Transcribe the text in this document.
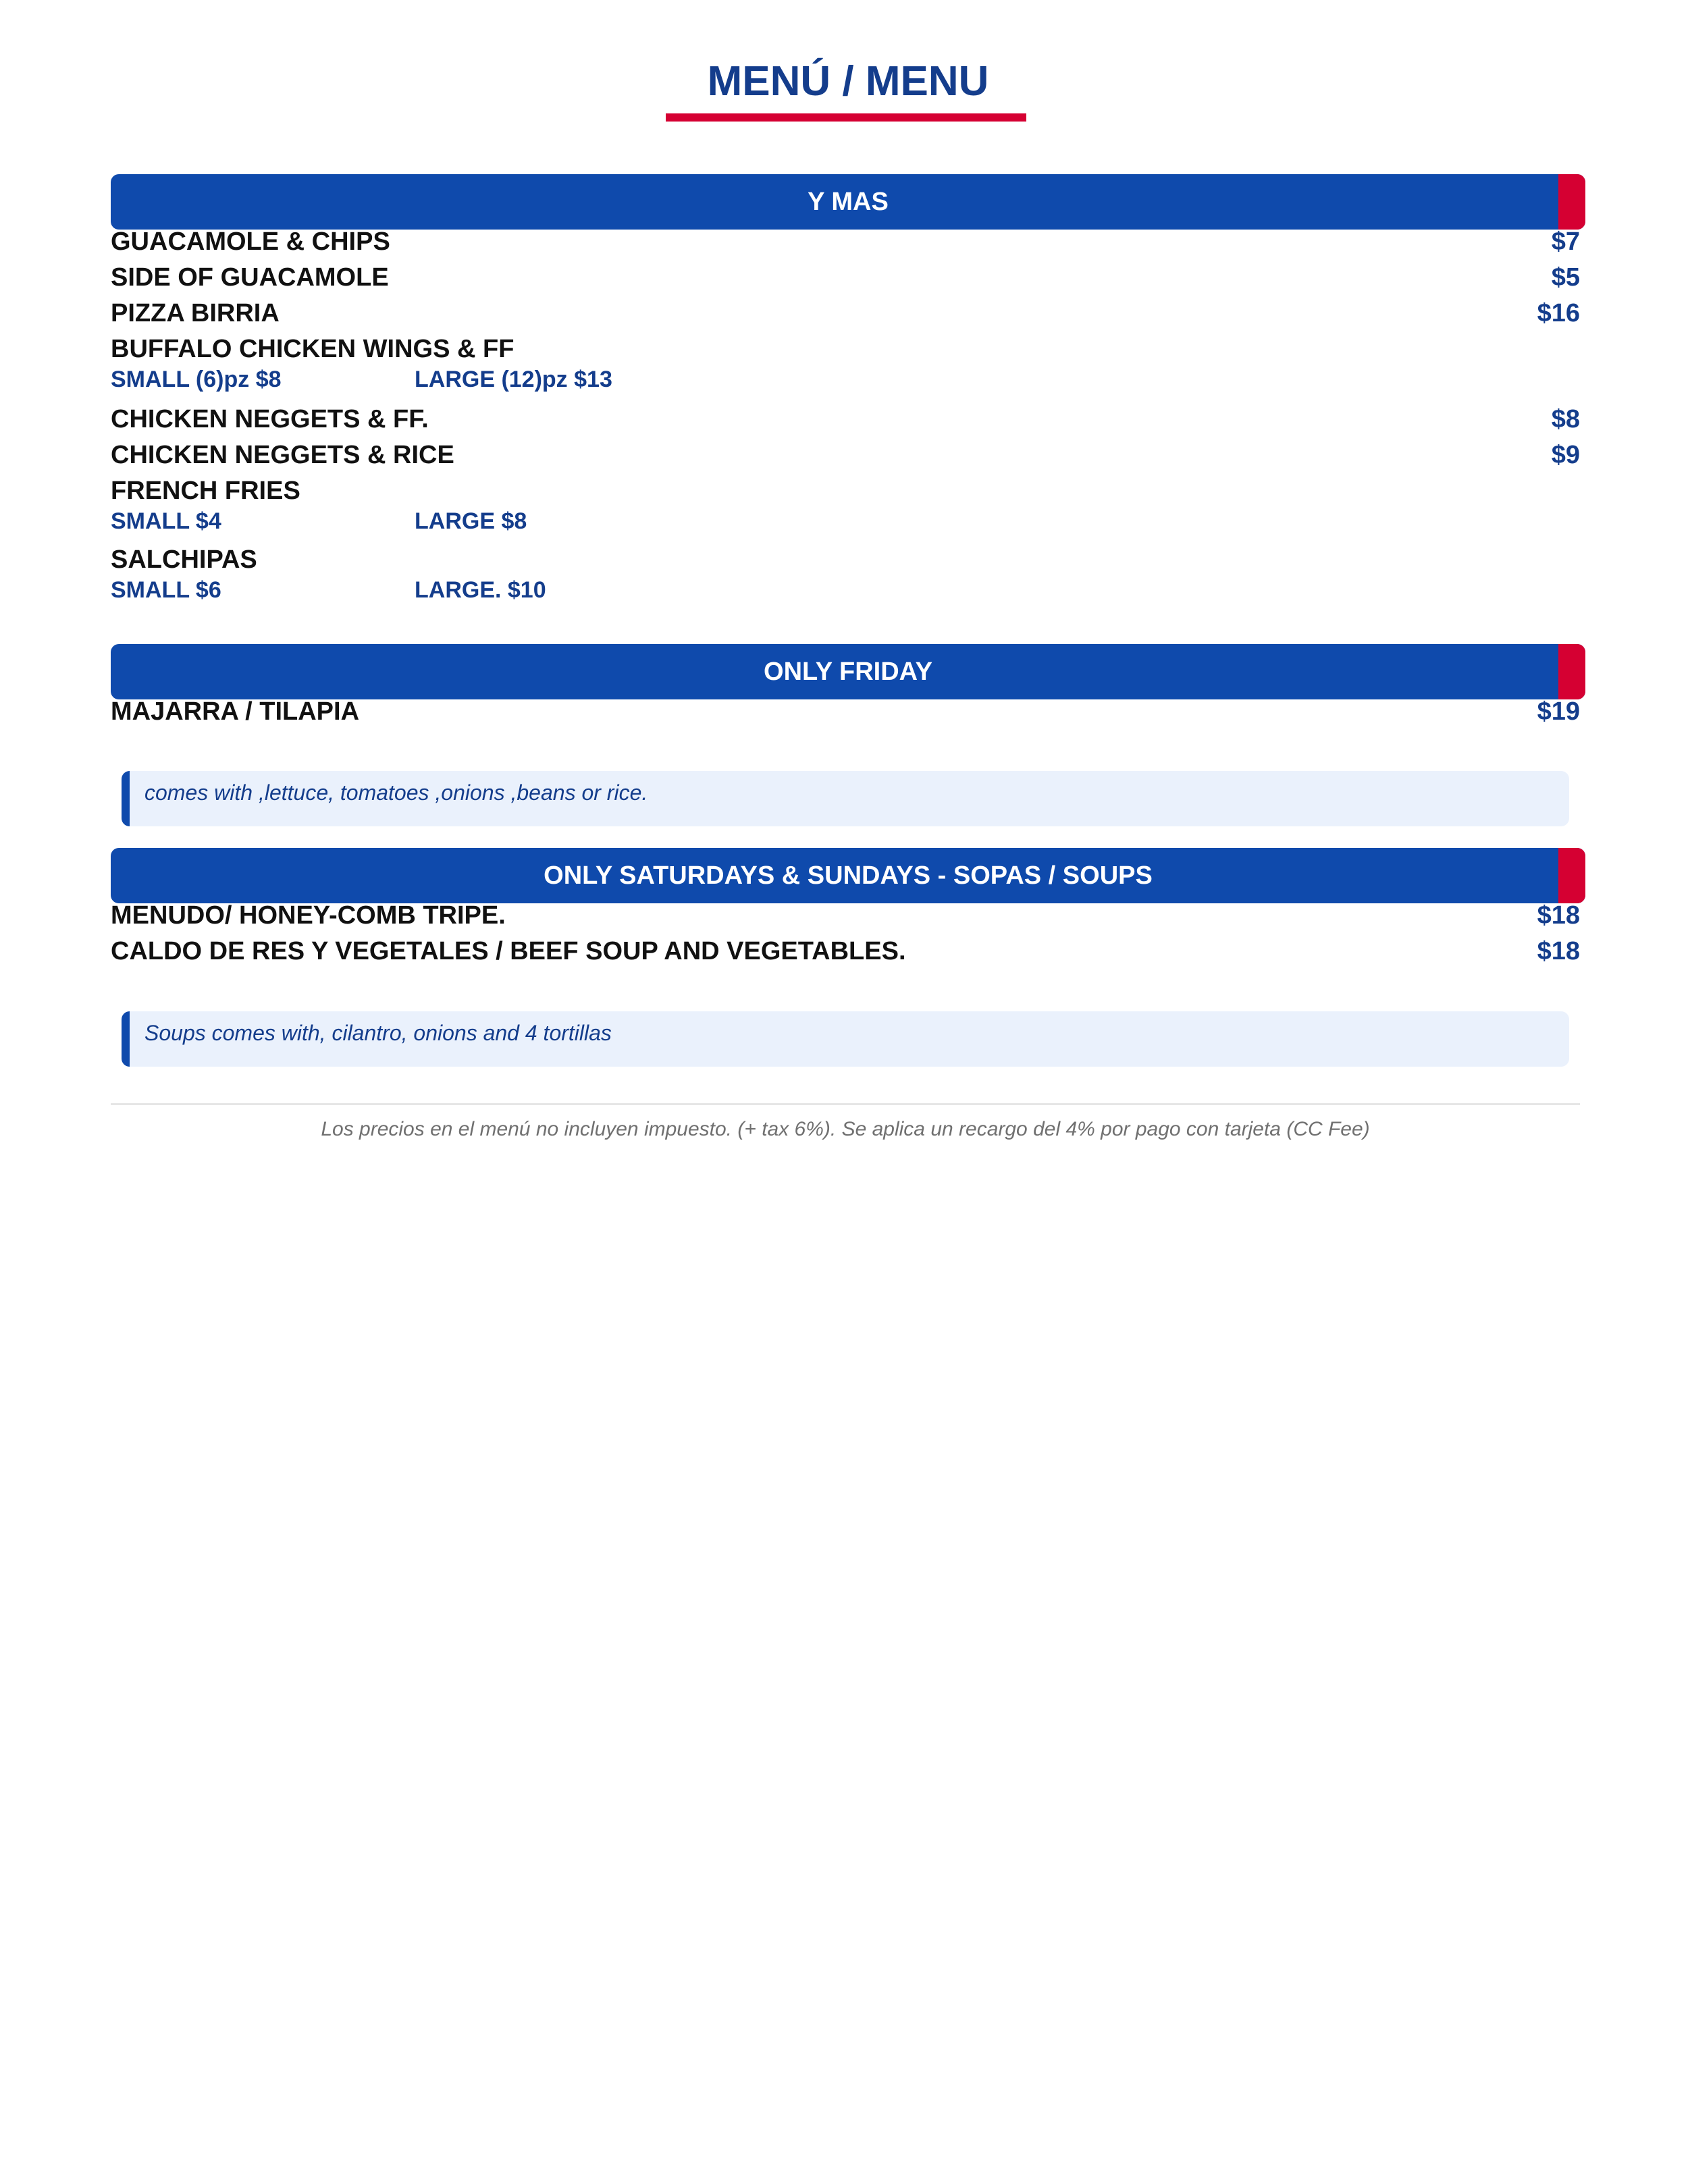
MENÚ / MENU
Y MAS
GUACAMOLE & CHIPS	$7
SIDE OF GUACAMOLE	$5
PIZZA BIRRIA	$16
BUFFALO CHICKEN WINGS & FF
SMALL (6)pz $8	LARGE (12)pz $13
CHICKEN NEGGETS & FF.	$8
CHICKEN NEGGETS & RICE	$9
FRENCH FRIES
SMALL $4	LARGE $8
SALCHIPAS
SMALL $6	LARGE. $10
ONLY FRIDAY
MAJARRA / TILAPIA	$19
comes with ,lettuce, tomatoes ,onions ,beans or rice.
ONLY SATURDAYS & SUNDAYS - SOPAS / SOUPS
MENUDO/ HONEY-COMB TRIPE.	$18
CALDO DE RES Y VEGETALES / BEEF SOUP AND VEGETABLES.	$18
Soups comes with, cilantro, onions and 4 tortillas
Los precios en el menú no incluyen impuesto. (+ tax 6%). Se aplica un recargo del 4% por pago con tarjeta (CC Fee)
